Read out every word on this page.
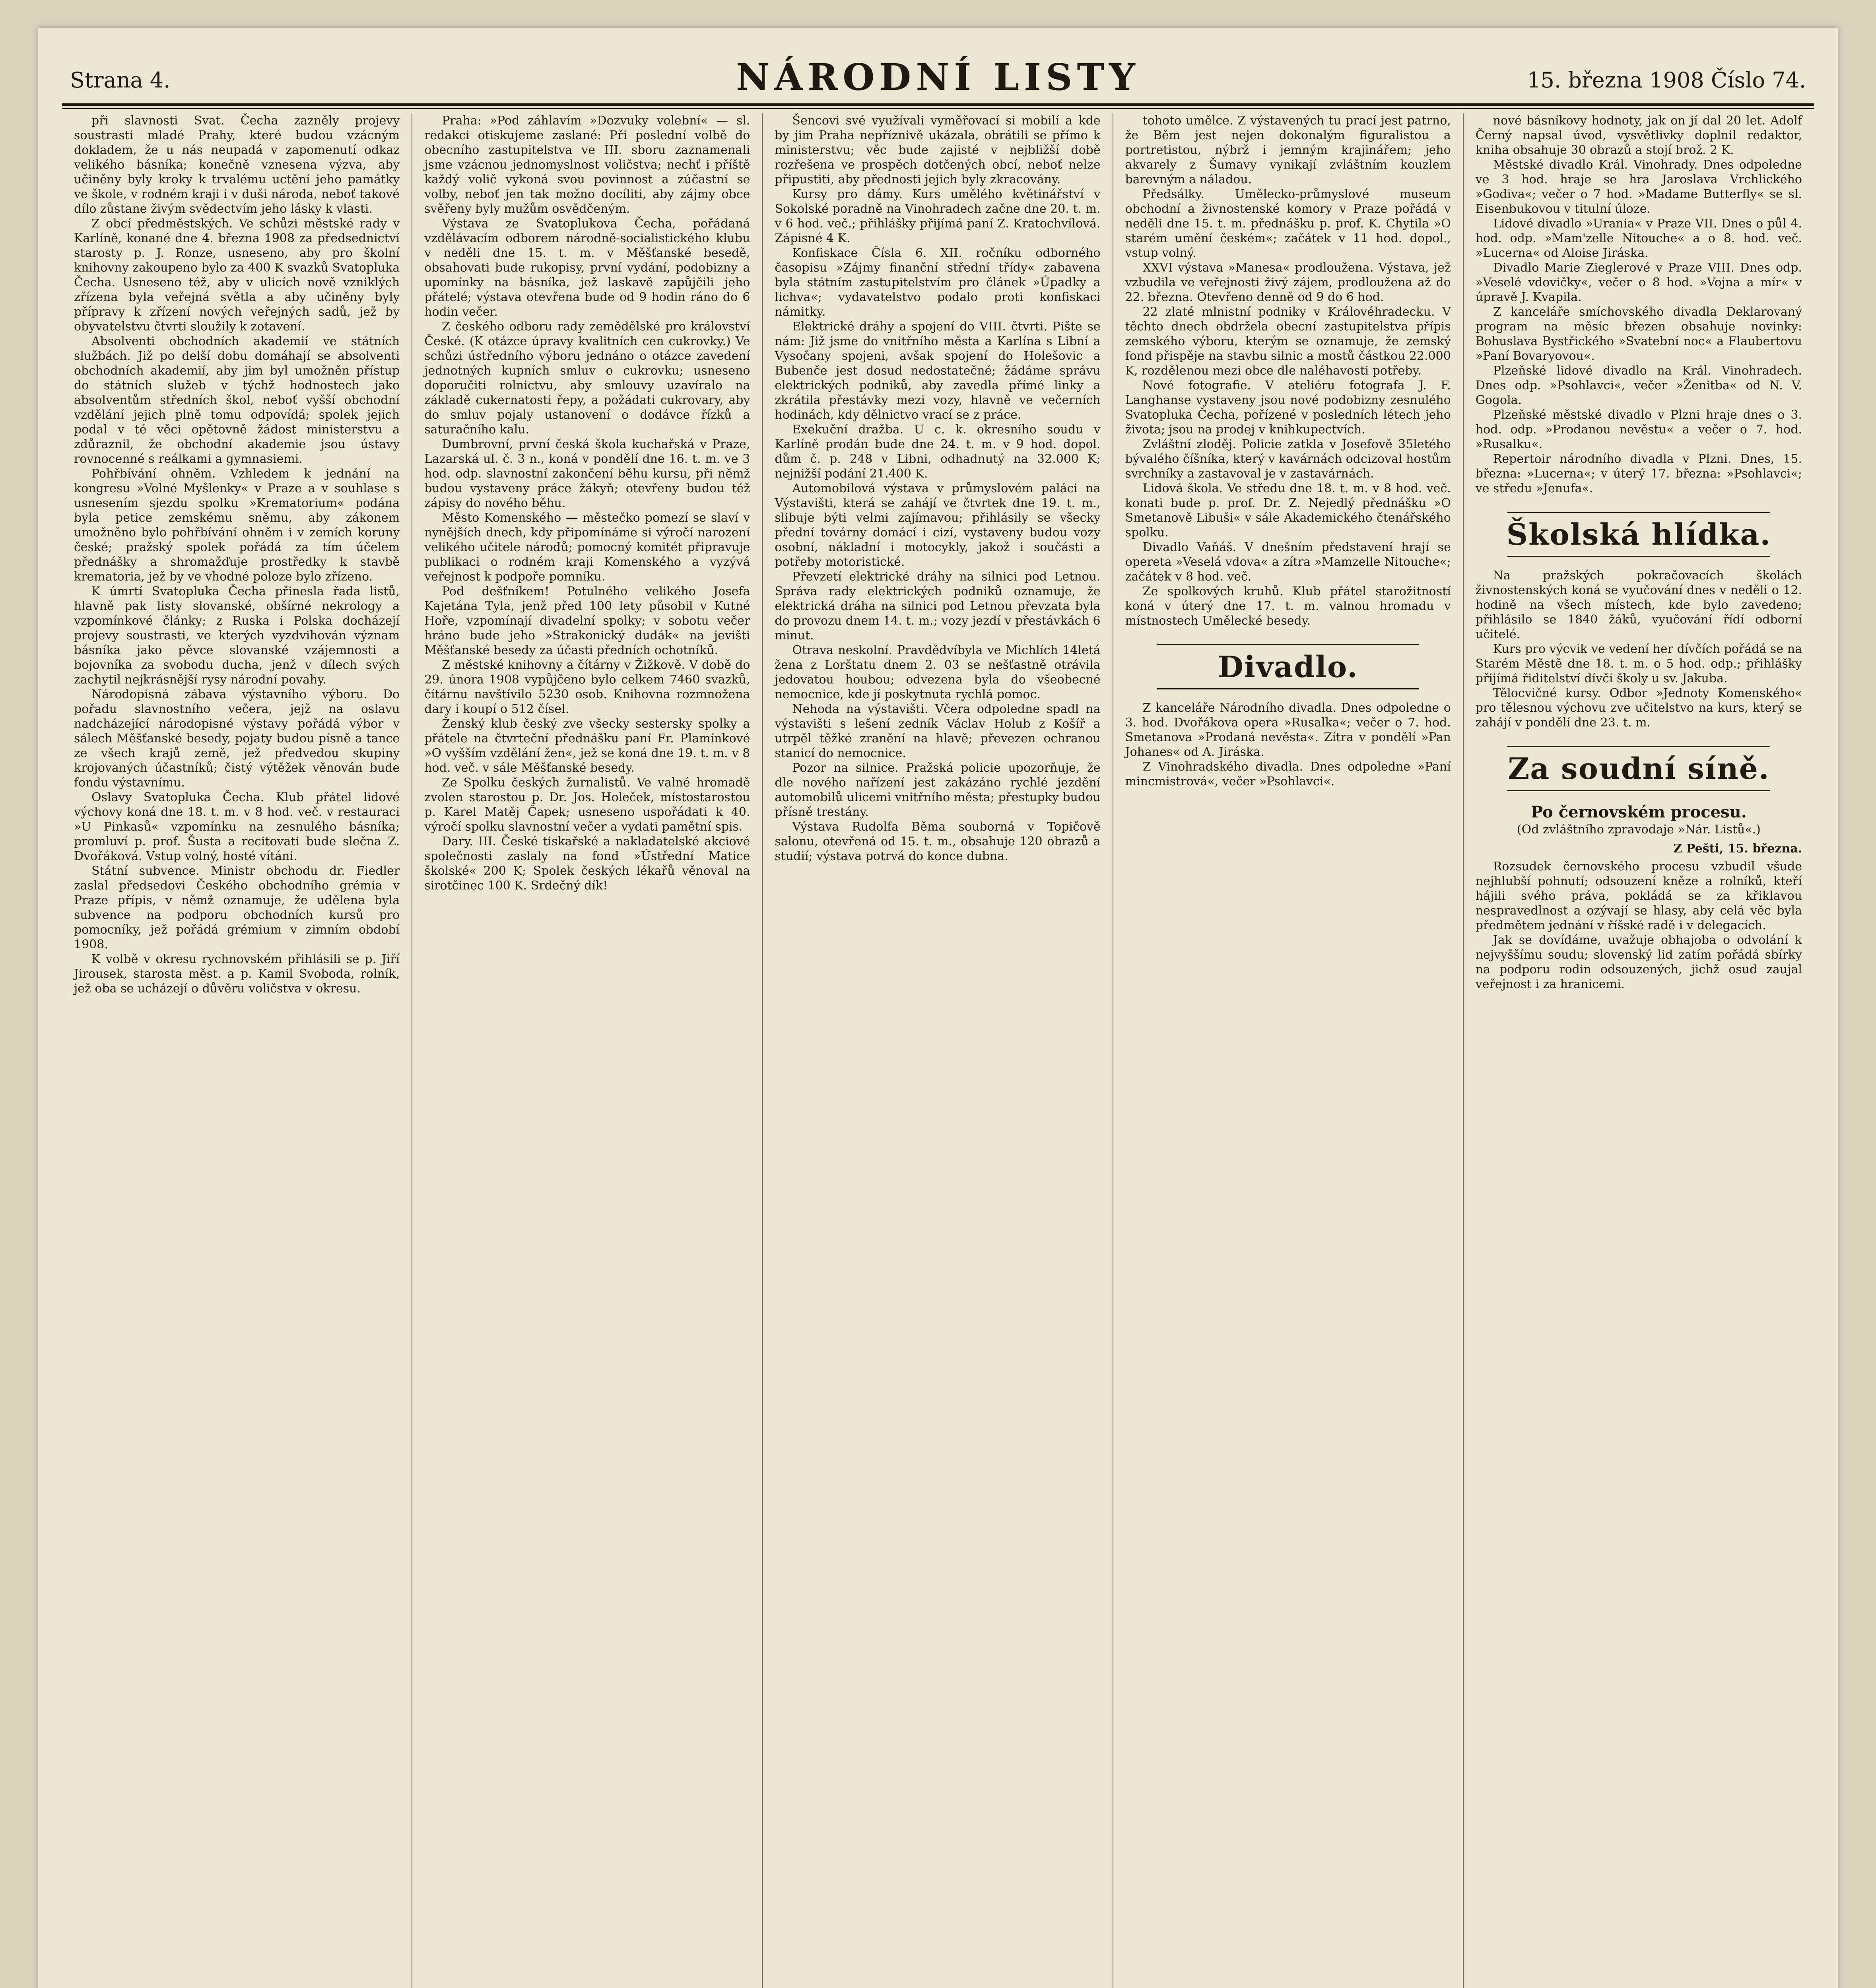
Strana 4.	NÁRODNÍ LISTY	15. března 1908 Číslo 74.

při slavnosti Svat. Čecha zazněly projevy soustrasti mladé Prahy, které budou vzácným dokladem, že u nás neupadá v zapomenutí odkaz velikého básníka; konečně vznesena výzva, aby učiněny byly kroky k trvalému uctění jeho památky ve škole, v rodném kraji i v duši národa, neboť takové dílo zůstane živým svědectvím jeho lásky k vlasti.

Z obcí předměstských. Ve schůzi městské rady v Karlíně, konané dne 4. března 1908 za předsednictví starosty p. J. Ronze, usneseno, aby pro školní knihovny zakoupeno bylo za 400 K svazků Svatopluka Čecha. Usneseno též, aby v ulicích nově vzniklých zřízena byla veřejná světla a aby učiněny byly přípravy k zřízení nových veřejných sadů, jež by obyvatelstvu čtvrti sloužily k zotavení.

Absolventi obchodních akademií ve státních službách. Již po delší dobu domáhají se absolventi obchodních akademií, aby jim byl umožněn přístup do státních služeb v týchž hodnostech jako absolventům středních škol, neboť vyšší obchodní vzdělání jejich plně tomu odpovídá; spolek jejich podal v té věci opětovně žádost ministerstvu a zdůraznil, že obchodní akademie jsou ústavy rovnocenné s reálkami a gymnasiemi.

Pohřbívání ohněm. Vzhledem k jednání na kongresu »Volné Myšlenky« v Praze a v souhlase s usnesením sjezdu spolku »Krematorium« podána byla petice zemskému sněmu, aby zákonem umožněno bylo pohřbívání ohněm i v zemích koruny české; pražský spolek pořádá za tím účelem přednášky a shromažďuje prostředky k stavbě krematoria, jež by ve vhodné poloze bylo zřízeno.

K úmrtí Svatopluka Čecha přinesla řada listů, hlavně pak listy slovanské, obšírné nekrology a vzpomínkové články; z Ruska i Polska docházejí projevy soustrasti, ve kterých vyzdvihován význam básníka jako pěvce slovanské vzájemnosti a bojovníka za svobodu ducha, jenž v dílech svých zachytil nejkrásnější rysy národní povahy.

Národopisná zábava výstavního výboru. Do pořadu slavnostního večera, jejž na oslavu nadcházející národopisné výstavy pořádá výbor v sálech Měšťanské besedy, pojaty budou písně a tance ze všech krajů země, jež předvedou skupiny krojovaných účastníků; čistý výtěžek věnován bude fondu výstavnímu.

Oslavy Svatopluka Čecha. Klub přátel lidové výchovy koná dne 18. t. m. v 8 hod. več. v restauraci »U Pinkasů« vzpomínku na zesnulého básníka; promluví p. prof. Šusta a recitovati bude slečna Z. Dvořáková. Vstup volný, hosté vítáni.

Státní subvence. Ministr obchodu dr. Fiedler zaslal předsedovi Českého obchodního grémia v Praze přípis, v němž oznamuje, že udělena byla subvence na podporu obchodních kursů pro pomocníky, jež pořádá grémium v zimním období 1908.

K volbě v okresu rychnovském přihlásili se p. Jiří Jirousek, starosta měst. a p. Kamil Svoboda, rolník, jež oba se ucházejí o důvěru voličstva v okresu.

Praha: »Pod záhlavím »Dozvuky volební« — sl. redakci otiskujeme zaslané: Při poslední volbě do obecního zastupitelstva ve III. sboru zaznamenali jsme vzácnou jednomyslnost voličstva; nechť i příště každý volič vykoná svou povinnost a zúčastní se volby, neboť jen tak možno docíliti, aby zájmy obce svěřeny byly mužům osvědčeným.

Výstava ze Svatoplukova Čecha, pořádaná vzdělávacím odborem národně-socialistického klubu v neděli dne 15. t. m. v Měšťanské besedě, obsahovati bude rukopisy, první vydání, podobizny a upomínky na básníka, jež laskavě zapůjčili jeho přátelé; výstava otevřena bude od 9 hodin ráno do 6 hodin večer.

Z českého odboru rady zemědělské pro království České. (K otázce úpravy kvalitních cen cukrovky.) Ve schůzi ústředního výboru jednáno o otázce zavedení jednotných kupních smluv o cukrovku; usneseno doporučiti rolnictvu, aby smlouvy uzavíralo na základě cukernatosti řepy, a požádati cukrovary, aby do smluv pojaly ustanovení o dodávce řízků a saturačního kalu.

Dumbrovní, první česká škola kuchařská v Praze, Lazarská ul. č. 3 n., koná v pondělí dne 16. t. m. ve 3 hod. odp. slavnostní zakončení běhu kursu, při němž budou vystaveny práce žákyň; otevřeny budou též zápisy do nového běhu.

Město Komenského — městečko pomezí se slaví v nynějších dnech, kdy připomínáme si výročí narození velikého učitele národů; pomocný komitét připravuje publikaci o rodném kraji Komenského a vyzývá veřejnost k podpoře pomníku.

Pod dešťníkem! Potulného velikého Josefa Kajetána Tyla, jenž před 100 lety působil v Kutné Hoře, vzpomínají divadelní spolky; v sobotu večer hráno bude jeho »Strakonický dudák« na jevišti Měšťanské besedy za účasti předních ochotníků.

Z městské knihovny a čítárny v Žižkově. V době do 29. února 1908 vypůjčeno bylo celkem 7460 svazků, čítárnu navštívilo 5230 osob. Knihovna rozmnožena dary i koupí o 512 čísel.

Ženský klub český zve všecky sestersky spolky a přátele na čtvrteční přednášku paní Fr. Plamínkové »O vyšším vzdělání žen«, jež se koná dne 19. t. m. v 8 hod. več. v sále Měšťanské besedy.

Ze Spolku českých žurnalistů. Ve valné hromadě zvolen starostou p. Dr. Jos. Holeček, místostarostou p. Karel Matěj Čapek; usneseno uspořádati k 40. výročí spolku slavnostní večer a vydati pamětní spis.

Dary. III. České tiskařské a nakladatelské akciové společnosti zaslaly na fond »Ústřední Matice školské« 200 K; Spolek českých lékařů věnoval na sirotčinec 100 K. Srdečný dík!

Šencovi své využívali vyměřovací si mobilí a kde by jim Praha nepříznivě ukázala, obrátili se přímo k ministerstvu; věc bude zajisté v nejbližší době rozřešena ve prospěch dotčených obcí, neboť nelze připustiti, aby přednosti jejich byly zkracovány.

Kursy pro dámy. Kurs umělého květinářství v Sokolské poradně na Vinohradech začne dne 20. t. m. v 6 hod. več.; přihlášky přijímá paní Z. Kratochvílová. Zápisné 4 K.

Konfiskace Čísla 6. XII. ročníku odborného časopisu »Zájmy finanční střední třídy« zabavena byla státním zastupitelstvím pro článek »Úpadky a lichva«; vydavatelstvo podalo proti konfiskaci námitky.

Elektrické dráhy a spojení do VIII. čtvrti. Pište se nám: Již jsme do vnitřního města a Karlína s Libní a Vysočany spojeni, avšak spojení do Holešovic a Bubenče jest dosud nedostatečné; žádáme správu elektrických podniků, aby zavedla přímé linky a zkrátila přestávky mezi vozy, hlavně ve večerních hodinách, kdy dělnictvo vrací se z práce.

Exekuční dražba. U c. k. okresního soudu v Karlíně prodán bude dne 24. t. m. v 9 hod. dopol. dům č. p. 248 v Libni, odhadnutý na 32.000 K; nejnižší podání 21.400 K.

Automobilová výstava v průmyslovém paláci na Výstavišti, která se zahájí ve čtvrtek dne 19. t. m., slibuje býti velmi zajímavou; přihlásily se všecky přední továrny domácí i cizí, vystaveny budou vozy osobní, nákladní i motocykly, jakož i součásti a potřeby motoristické.

Převzetí elektrické dráhy na silnici pod Letnou. Správa rady elektrických podniků oznamuje, že elektrická dráha na silnici pod Letnou převzata byla do provozu dnem 14. t. m.; vozy jezdí v přestávkách 6 minut.

Otrava neskolní. Pravdědvíbyla ve Michlích 14letá žena z Lorštatu dnem 2. 03 se nešťastně otrávila jedovatou houbou; odvezena byla do všeobecné nemocnice, kde jí poskytnuta rychlá pomoc.

Nehoda na výstavišti. Včera odpoledne spadl na výstavišti s lešení zedník Václav Holub z Košíř a utrpěl těžké zranění na hlavě; převezen ochranou stanicí do nemocnice.

Pozor na silnice. Pražská policie upozorňuje, že dle nového nařízení jest zakázáno rychlé jezdění automobilů ulicemi vnitřního města; přestupky budou přísně trestány.

Výstava Rudolfa Běma souborná v Topičově salonu, otevřená od 15. t. m., obsahuje 120 obrazů a studií; výstava potrvá do konce dubna.

tohoto umělce. Z výstavených tu prací jest patrno, že Běm jest nejen dokonalým figuralistou a portretistou, nýbrž i jemným krajinářem; jeho akvarely z Šumavy vynikají zvláštním kouzlem barevným a náladou.

Předsálky. Umělecko-průmyslové museum obchodní a živnostenské komory v Praze pořádá v neděli dne 15. t. m. přednášku p. prof. K. Chytila »O starém umění českém«; začátek v 11 hod. dopol., vstup volný.

XXVI výstava »Manesa« prodloužena. Výstava, jež vzbudila ve veřejnosti živý zájem, prodloužena až do 22. března. Otevřeno denně od 9 do 6 hod.

22 zlaté mlnistní podniky v Královéhradecku. V těchto dnech obdržela obecní zastupitelstva přípis zemského výboru, kterým se oznamuje, že zemský fond přispěje na stavbu silnic a mostů částkou 22.000 K, rozdělenou mezi obce dle naléhavosti potřeby.

Nové fotografie. V ateliéru fotografa J. F. Langhanse vystaveny jsou nové podobizny zesnulého Svatopluka Čecha, pořízené v posledních létech jeho života; jsou na prodej v knihkupectvích.

Zvláštní zloděj. Policie zatkla v Josefově 35letého bývalého číšníka, který v kavárnách odcizoval hostům svrchníky a zastavoval je v zastavárnách.

Lidová škola. Ve středu dne 18. t. m. v 8 hod. več. konati bude p. prof. Dr. Z. Nejedlý přednášku »O Smetanově Libuši« v sále Akademického čtenářského spolku.

Divadlo Vaňáš. V dnešním představení hrají se opereta »Veselá vdova« a zítra »Mamzelle Nitouche«; začátek v 8 hod. več.

Ze spolkových kruhů. Klub přátel starožitností koná v úterý dne 17. t. m. valnou hromadu v místnostech Umělecké besedy.

Divadlo.

Z kanceláře Národního divadla. Dnes odpoledne o 3. hod. Dvořákova opera »Rusalka«; večer o 7. hod. Smetanova »Prodaná nevěsta«. Zítra v pondělí »Pan Johanes« od A. Jiráska.

Z Vinohradského divadla. Dnes odpoledne »Paní mincmistrová«, večer »Psohlavci«.

nové básníkovy hodnoty, jak on jí dal 20 let. Adolf Černý napsal úvod, vysvětlivky doplnil redaktor, kniha obsahuje 30 obrazů a stojí brož. 2 K.

Městské divadlo Král. Vinohrady. Dnes odpoledne ve 3 hod. hraje se hra Jaroslava Vrchlického »Godiva«; večer o 7 hod. »Madame Butterfly« se sl. Eisenbukovou v titulní úloze.

Lidové divadlo »Urania« v Praze VII. Dnes o půl 4. hod. odp. »Mam'zelle Nitouche« a o 8. hod. več. »Lucerna« od Aloise Jiráska.

Divadlo Marie Zieglerové v Praze VIII. Dnes odp. »Veselé vdovičky«, večer o 8 hod. »Vojna a mír« v úpravě J. Kvapila.

Z kanceláře smíchovského divadla Deklarovaný program na měsíc březen obsahuje novinky: Bohuslava Bystřického »Svatební noc« a Flaubertovu »Paní Bovaryovou«.

Plzeňské lidové divadlo na Král. Vinohradech. Dnes odp. »Psohlavci«, večer »Ženitba« od N. V. Gogola.

Plzeňské městské divadlo v Plzni hraje dnes o 3. hod. odp. »Prodanou nevěstu« a večer o 7. hod. »Rusalku«.

Repertoir národního divadla v Plzni. Dnes, 15. března: »Lucerna«; v úterý 17. března: »Psohlavci«; ve středu »Jenufa«.

Školská hlídka.

Na pražských pokračovacích školách živnostenských koná se vyučování dnes v neděli o 12. hodině na všech místech, kde bylo zavedeno; přihlásilo se 1840 žáků, vyučování řídí odborní učitelé.

Kurs pro výcvik ve vedení her dívčích pořádá se na Starém Městě dne 18. t. m. o 5 hod. odp.; přihlášky přijímá řiditelství dívčí školy u sv. Jakuba.

Tělocvičné kursy. Odbor »Jednoty Komenského« pro tělesnou výchovu zve učitelstvo na kurs, který se zahájí v pondělí dne 23. t. m.

Za soudní síně.
Po černovském procesu.
(Od zvláštního zpravodaje »Nár. Listů«.)
Z Pešti, 15. března.

Rozsudek černovského procesu vzbudil všude nejhlubší pohnutí; odsouzení kněze a rolníků, kteří hájili svého práva, pokládá se za křiklavou nespravedlnost a ozývají se hlasy, aby celá věc byla předmětem jednání v říšské radě i v delegacích.

Jak se dovídáme, uvažuje obhajoba o odvolání k nejvyššímu soudu; slovenský lid zatím pořádá sbírky na podporu rodin odsouzených, jichž osud zaujal veřejnost i za hranicemi.
